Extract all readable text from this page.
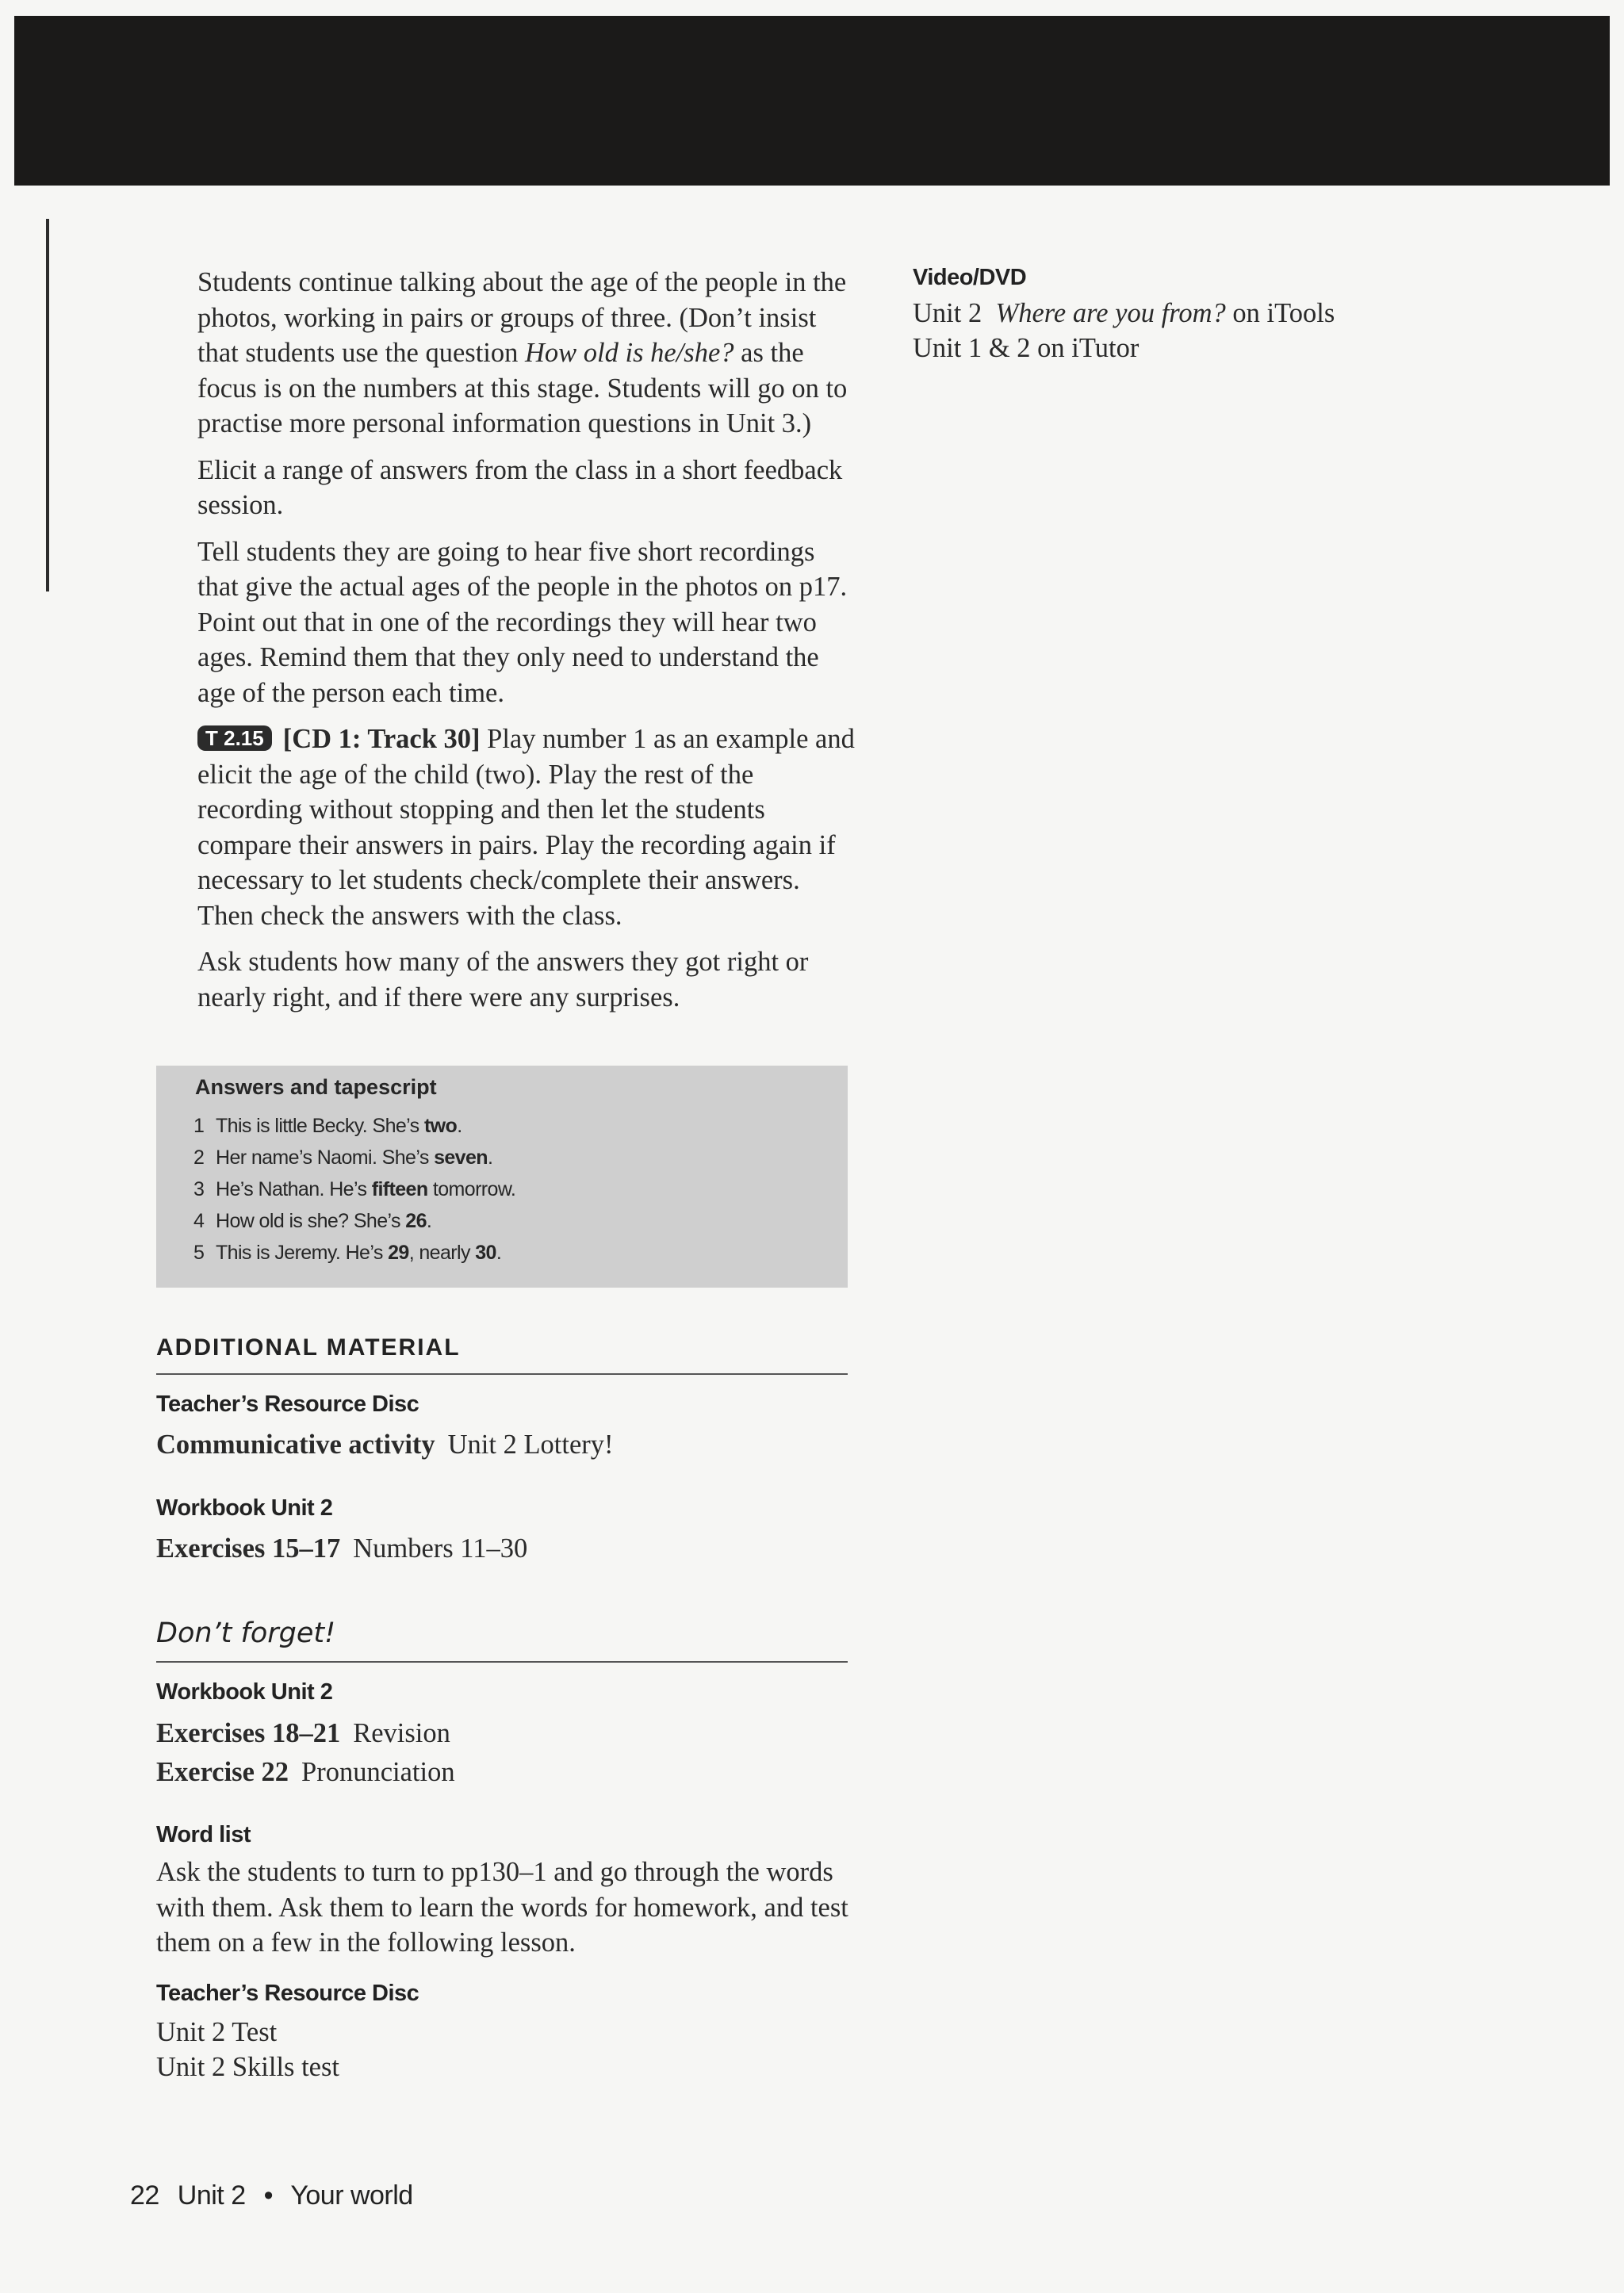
Students continue talking about the age of the people in the photos, working in pairs or groups of three. (Don’t insist that students use the question How old is he/she? as the focus is on the numbers at this stage. Students will go on to practise more personal information questions in Unit 3.)

Elicit a range of answers from the class in a short feedback session.

Tell students they are going to hear five short recordings that give the actual ages of the people in the photos on p17. Point out that in one of the recordings they will hear two ages. Remind them that they only need to understand the age of the person each time.

T 2.15 [CD 1: Track 30] Play number 1 as an example and elicit the age of the child (two). Play the rest of the recording without stopping and then let the students compare their answers in pairs. Play the recording again if necessary to let students check/complete their answers. Then check the answers with the class.

Ask students how many of the answers they got right or nearly right, and if there were any surprises.

Answers and tapescript
1 This is little Becky. She’s two.
2 Her name’s Naomi. She’s seven.
3 He’s Nathan. He’s fifteen tomorrow.
4 How old is she? She’s 26.
5 This is Jeremy. He’s 29, nearly 30.
ADDITIONAL MATERIAL
Teacher’s Resource Disc
Communicative activity Unit 2 Lottery!
Workbook Unit 2
Exercises 15–17 Numbers 11–30
Don’t forget!
Workbook Unit 2
Exercises 18–21 Revision
Exercise 22 Pronunciation
Word list
Ask the students to turn to pp130–1 and go through the words with them. Ask them to learn the words for homework, and test them on a few in the following lesson.
Teacher’s Resource Disc
Unit 2 Test
Unit 2 Skills test
Video/DVD
Unit 2  Where are you from? on iTools
Unit 1 & 2 on iTutor
22 Unit 2 • Your world
